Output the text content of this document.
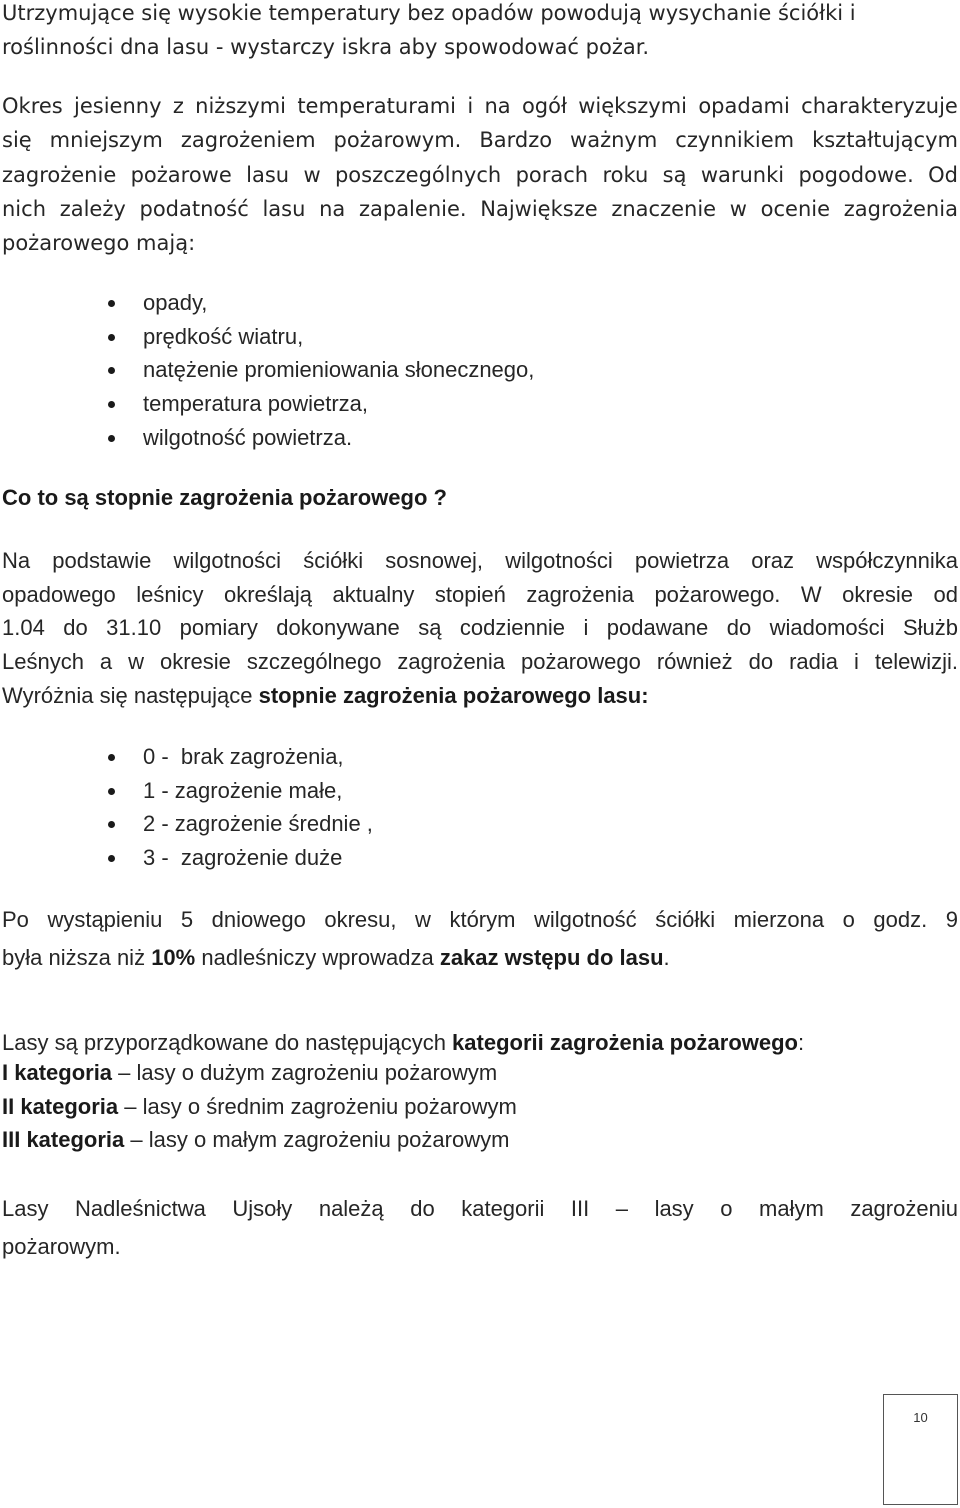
Utrzymujące się wysokie temperatury bez opadów powodują wysychanie ściółki i
roślinności dna lasu - wystarczy iskra aby spowodować pożar.
Okres jesienny z niższymi temperaturami i na ogół większymi opadami charakteryzuje
się mniejszym zagrożeniem pożarowym. Bardzo ważnym czynnikiem kształtującym
zagrożenie pożarowe lasu w poszczególnych porach roku są warunki pogodowe. Od
nich zależy podatność lasu na zapalenie. Największe znaczenie w ocenie zagrożenia
pożarowego mają:
opady,
prędkość wiatru,
natężenie promieniowania słonecznego,
temperatura powietrza,
wilgotność powietrza.
Co to są stopnie zagrożenia pożarowego ?
Na podstawie wilgotności ściółki sosnowej, wilgotności powietrza oraz współczynnika
opadowego leśnicy określają aktualny stopień zagrożenia pożarowego. W okresie od
1.04 do 31.10 pomiary dokonywane są codziennie i podawane do wiadomości Służb
Leśnych a w okresie szczególnego zagrożenia pożarowego również do radia i telewizji.
Wyróżnia się następujące stopnie zagrożenia pożarowego lasu:
0 -  brak zagrożenia,
1 - zagrożenie małe,
2 - zagrożenie średnie ,
3 -  zagrożenie duże
Po wystąpieniu 5 dniowego okresu, w którym wilgotność ściółki mierzona o godz. 9
była niższa niż 10% nadleśniczy wprowadza zakaz wstępu do lasu.
Lasy są przyporządkowane do następujących kategorii zagrożenia pożarowego:
I kategoria – lasy o dużym zagrożeniu pożarowym
II kategoria – lasy o średnim zagrożeniu pożarowym
III kategoria – lasy o małym zagrożeniu pożarowym
Lasy Nadleśnictwa Ujsoły należą do kategorii III – lasy o małym zagrożeniu
pożarowym.
10
